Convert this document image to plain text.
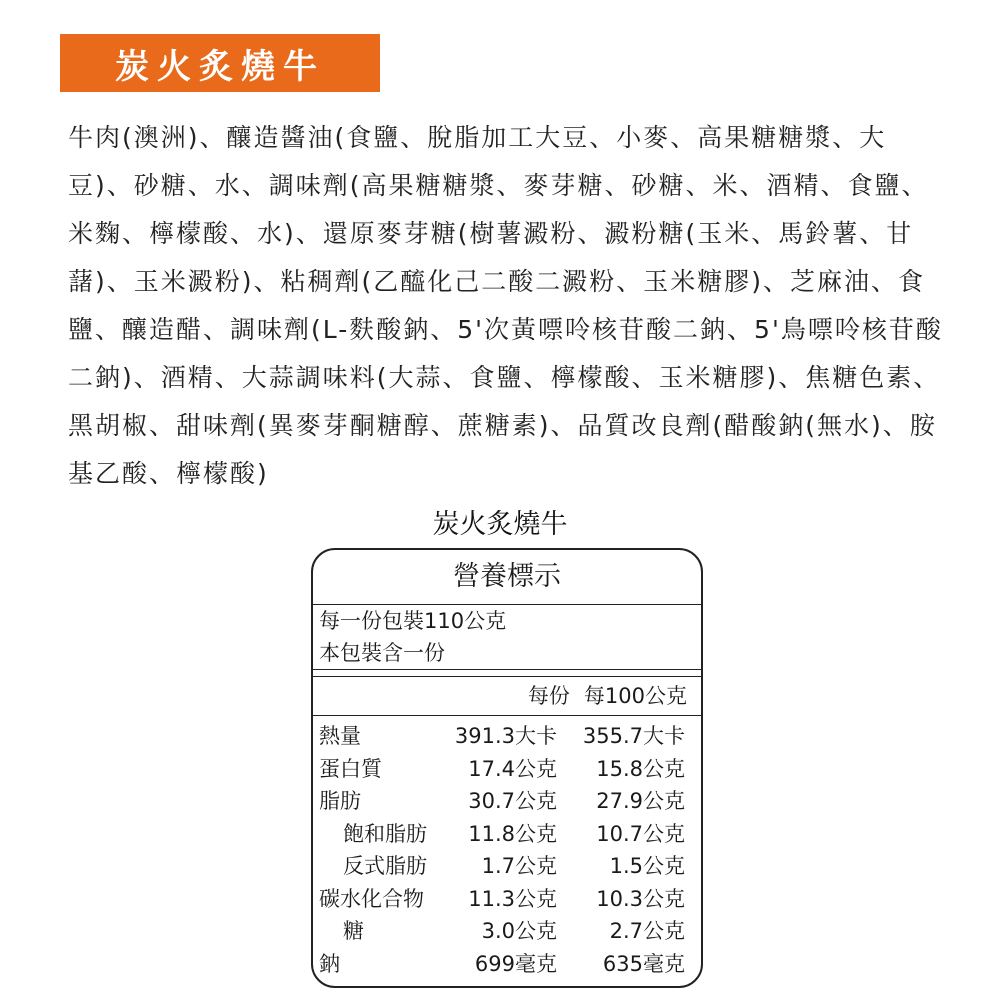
炭火炙燒牛
牛肉(澳洲)、釀造醬油(食鹽、脫脂加工大豆、小麥、高果糖糖漿、大豆)、砂糖、水、調味劑(高果糖糖漿、麥芽糖、砂糖、米、酒精、食鹽、米麴、檸檬酸、水)、還原麥芽糖(樹薯澱粉、澱粉糖(玉米、馬鈴薯、甘藷)、玉米澱粉)、粘稠劑(乙醯化己二酸二澱粉、玉米糖膠)、芝麻油、食鹽、釀造醋、調味劑(L-麩酸鈉、5'次黃嘌呤核苷酸二鈉、5'鳥嘌呤核苷酸二鈉)、酒精、大蒜調味料(大蒜、食鹽、檸檬酸、玉米糖膠)、焦糖色素、黑胡椒、甜味劑(異麥芽酮糖醇、蔗糖素)、品質改良劑(醋酸鈉(無水)、胺基乙酸、檸檬酸)
炭火炙燒牛
營養標示
每一份包裝110公克
本包裝含一份
每份 每100公克
熱量	391.3大卡	355.7大卡
蛋白質	17.4公克	15.8公克
脂肪	30.7公克	27.9公克
飽和脂肪	11.8公克	10.7公克
反式脂肪	1.7公克	1.5公克
碳水化合物	11.3公克	10.3公克
糖	3.0公克	2.7公克
鈉	699毫克	635毫克
